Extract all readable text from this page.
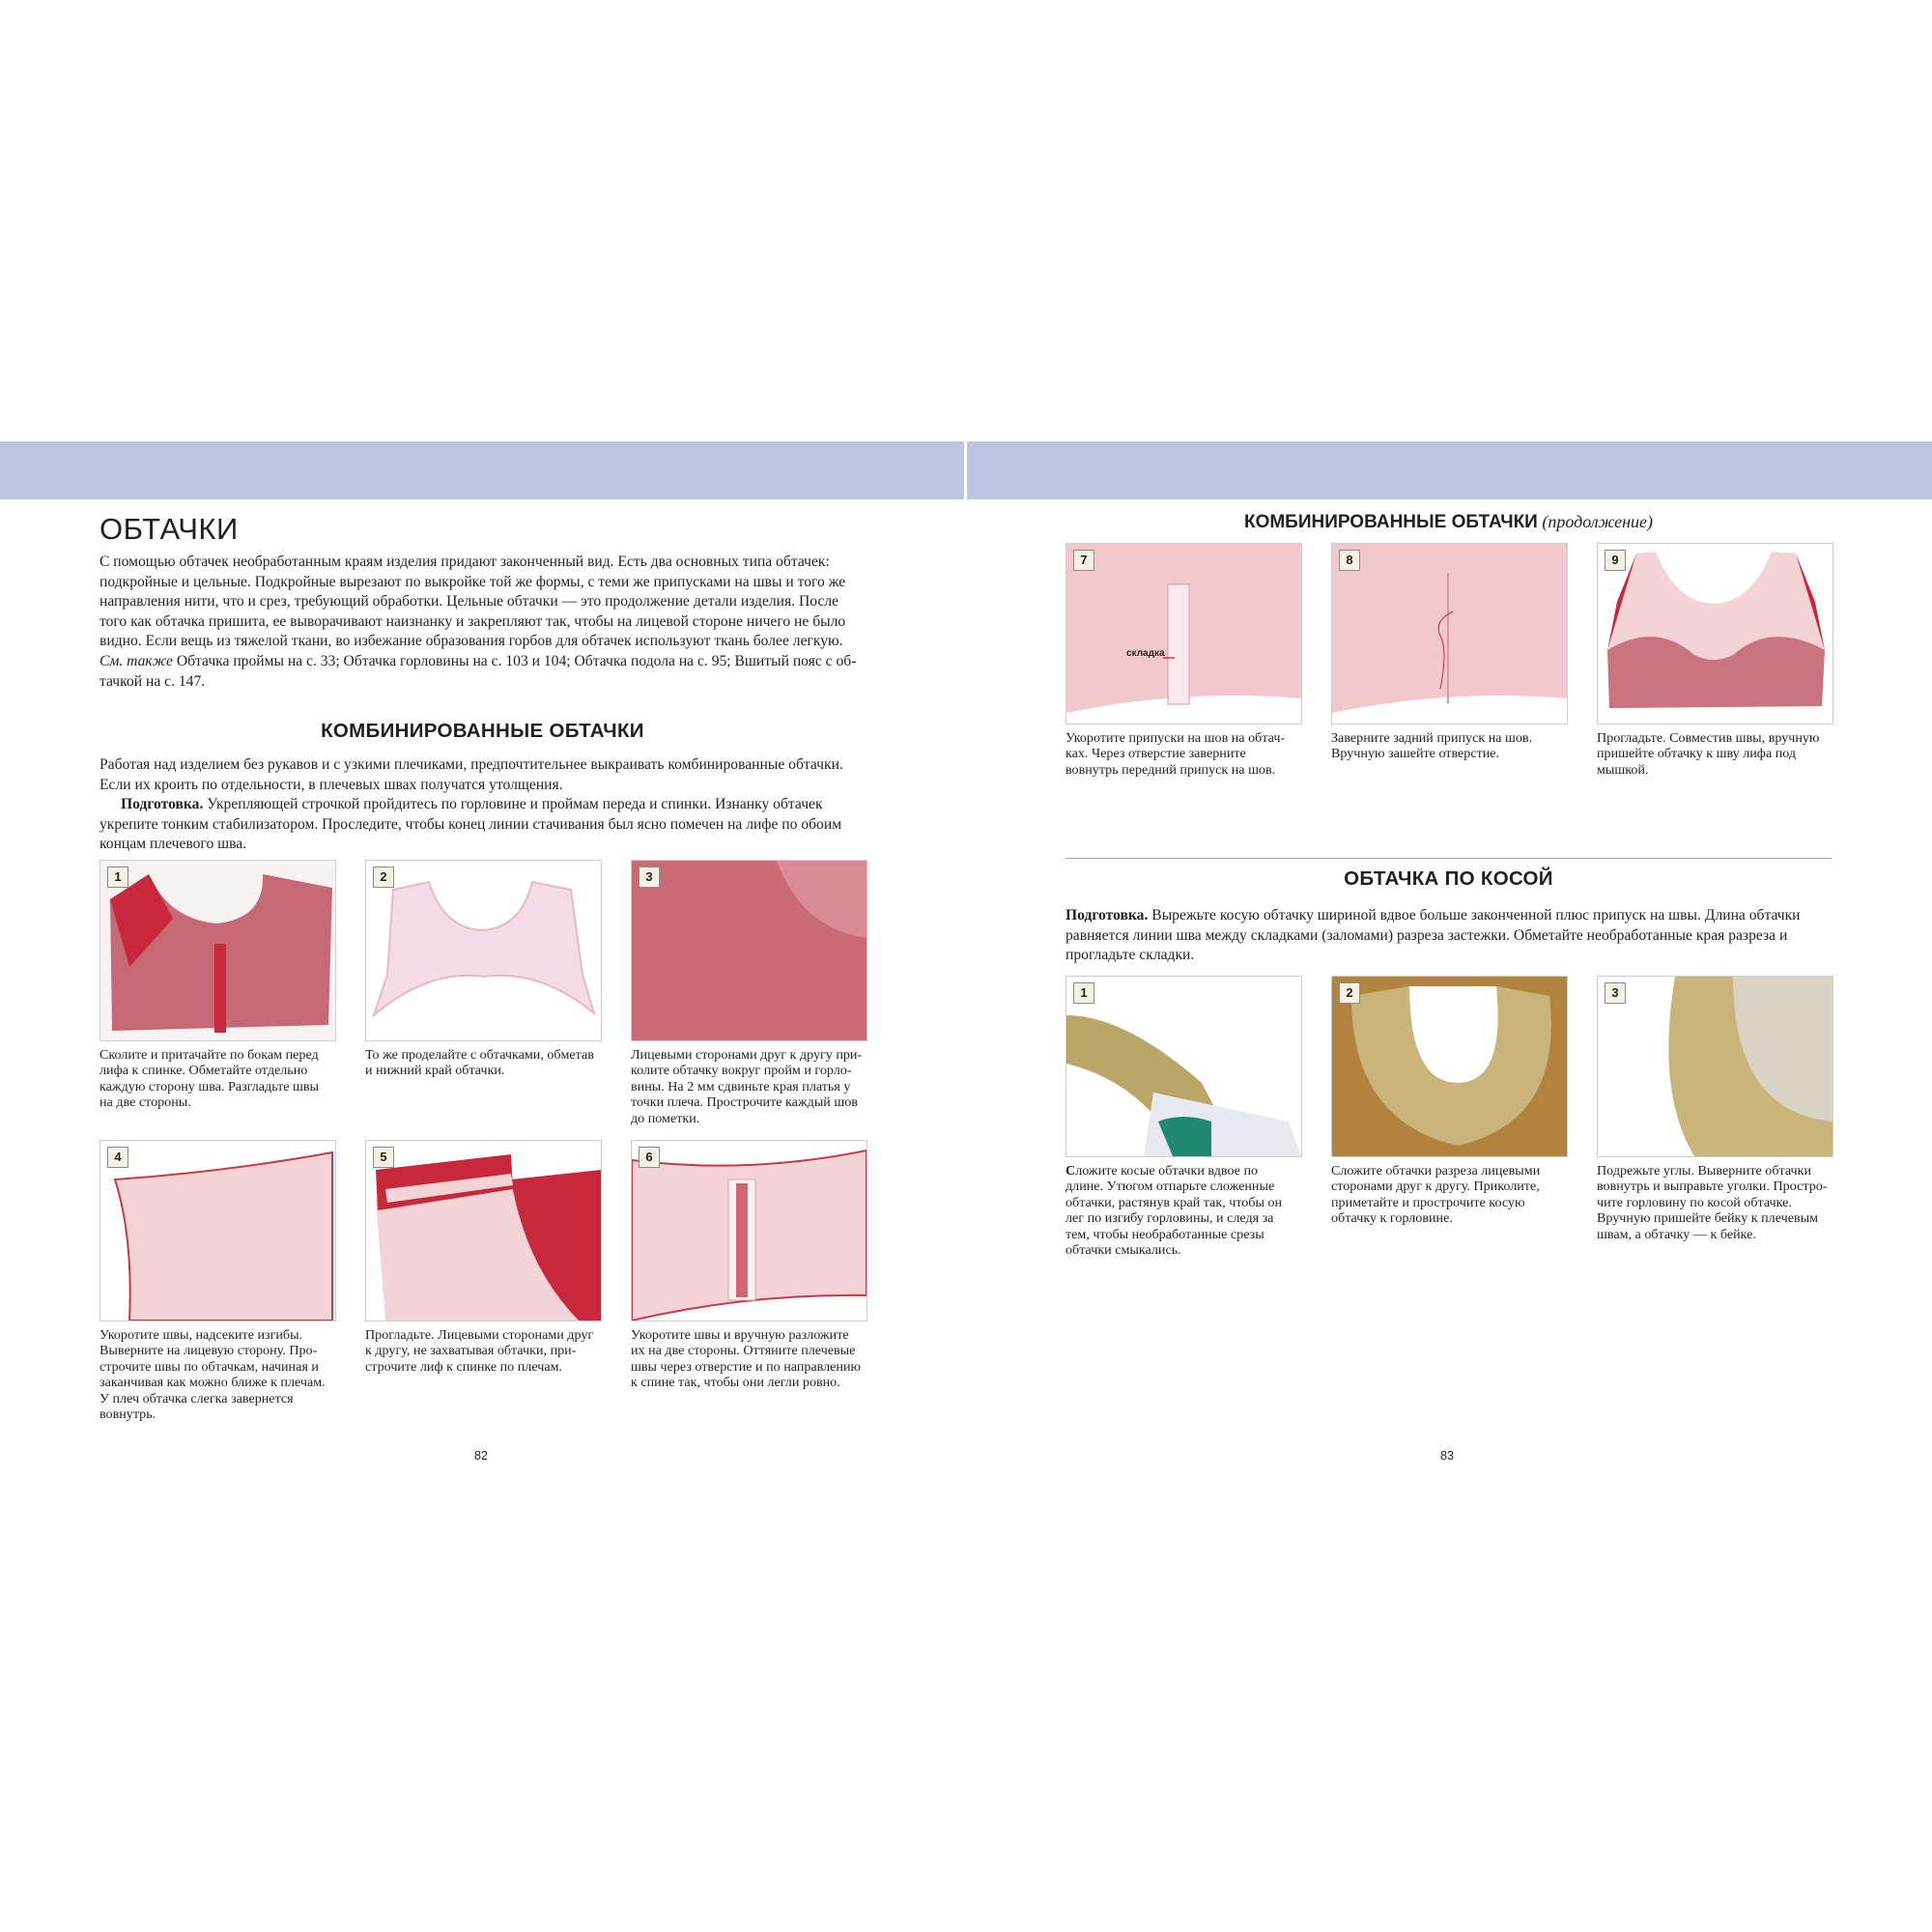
ОБТАЧКИ

С помощью обтачек необработанным краям изделия придают законченный вид. Есть два основных типа обтачек: подкройные и цельные. Подкройные вырезают по выкройке той же формы, с теми же припусками на швы и того же направления нити, что и срез, требующий обработки. Цельные обтачки — это продолжение детали изделия. После того как обтачка пришита, ее выворачивают наизнанку и закрепляют так, чтобы на лицевой стороне ничего не было видно. Если вещь из тяжелой ткани, во избежание образования горбов для обтачек используют ткань более легкую. См. также Обтачка проймы на с. 33; Обтачка горловины на с. 103 и 104; Обтачка подола на с. 95; Вшитый пояс с обтачкой на с. 147.

КОМБИНИРОВАННЫЕ ОБТАЧКИ

Работая над изделием без рукавов и с узкими плечиками, предпочтительнее выкраивать комбинированные обтачки. Если их кроить по отдельности, в плечевых швах получатся утолщения.

Подготовка. Укрепляющей строчкой пройдитесь по горловине и проймам переда и спинки. Изнанку обтачек укрепите тонким стабилизатором. Проследите, чтобы конец линии стачивания был ясно помечен на лифе по обоим концам плечевого шва.

1

Сколите и притачайте по бокам перед лифа к спинке. Обметайте отдельно каждую сторону шва. Разгладьте швы на две стороны.

2

То же проделайте с обтачками, обметав и нижний край обтачки.

3

Лицевыми сторонами друг к другу приколите обтачку вокруг пройм и горловины. На 2 мм сдвиньте края платья у точки плеча. Прострочите каждый шов до пометки.

4

Укоротите швы, надсеките изгибы. Выверните на лицевую сторону. Прострочите швы по обтачкам, начиная и заканчивая как можно ближе к плечам. У плеч обтачка слегка завернется вовнутрь.

5

Прогладьте. Лицевыми сторонами друг к другу, не захватывая обтачки, пристрочите лиф к спинке по плечам.

6

Укоротите швы и вручную разложите их на две стороны. Оттяните плечевые швы через отверстие и по направлению к спине так, чтобы они легли ровно.

82
КОМБИНИРОВАННЫЕ ОБТАЧКИ (продолжение)
7
складка

Укоротите припуски на шов на обтачках. Через отверстие заверните вовнутрь передний припуск на шов.

8

Заверните задний припуск на шов. Вручную зашейте отверстие.

9

Прогладьте. Совместив швы, вручную пришейте обтачку к шву лифа под мышкой.

ОБТАЧКА ПО КОСОЙ

Подготовка. Вырежьте косую обтачку шириной вдвое больше законченной плюс припуск на швы. Длина обтачки равняется линии шва между складками (заломами) разреза застежки. Обметайте необработанные края разреза и прогладьте складки.

1

Сложите косые обтачки вдвое по длине. Утюгом отпарьте сложенные обтачки, растянув край так, чтобы он лег по изгибу горловины, и следя за тем, чтобы необработанные срезы обтачки смыкались.

2

Сложите обтачки разреза лицевыми сторонами друг к другу. Приколите, приметайте и прострочите косую обтачку к горловине.

3

Подрежьте углы. Выверните обтачки вовнутрь и выправьте уголки. Прострочите горловину по косой обтачке. Вручную пришейте бейку к плечевым швам, а обтачку — к бейке.

83
